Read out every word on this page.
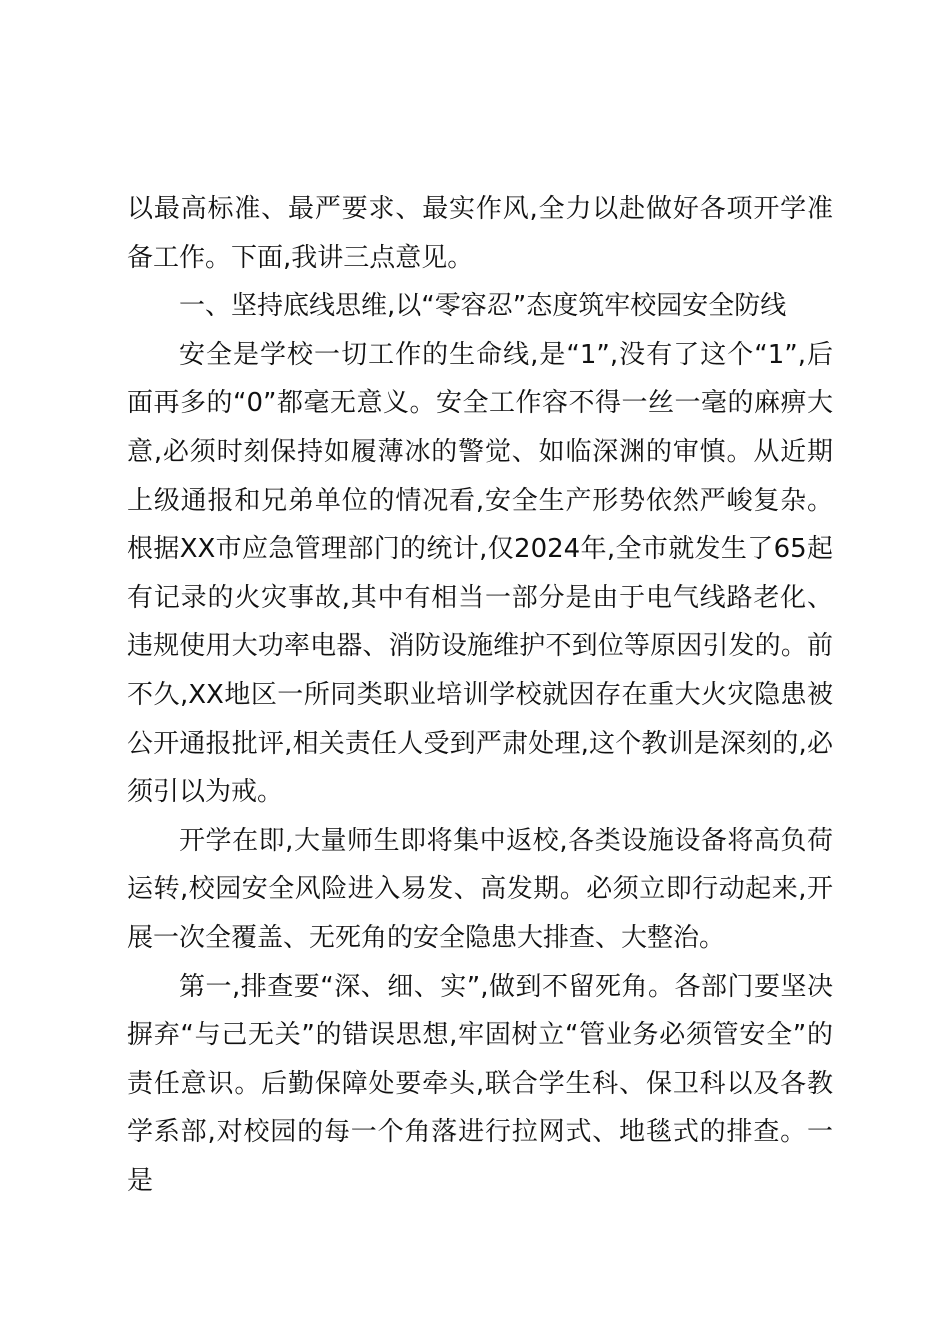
以最高标准、最严要求、最实作风,全力以赴做好各项开学准备工作。下面,我讲三点意见。

一、坚持底线思维,以“零容忍”态度筑牢校园安全防线

安全是学校一切工作的生命线,是“1”,没有了这个“1”,后面再多的“0”都毫无意义。安全工作容不得一丝一毫的麻痹大意,必须时刻保持如履薄冰的警觉、如临深渊的审慎。从近期上级通报和兄弟单位的情况看,安全生产形势依然严峻复杂。根据XX市应急管理部门的统计,仅2024年,全市就发生了65起有记录的火灾事故,其中有相当一部分是由于电气线路老化、违规使用大功率电器、消防设施维护不到位等原因引发的。前不久,XX地区一所同类职业培训学校就因存在重大火灾隐患被公开通报批评,相关责任人受到严肃处理,这个教训是深刻的,必须引以为戒。

开学在即,大量师生即将集中返校,各类设施设备将高负荷运转,校园安全风险进入易发、高发期。必须立即行动起来,开展一次全覆盖、无死角的安全隐患大排查、大整治。

第一,排查要“深、细、实”,做到不留死角。各部门要坚决摒弃“与己无关”的错误思想,牢固树立“管业务必须管安全”的责任意识。后勤保障处要牵头,联合学生科、保卫科以及各教学系部,对校园的每一个角落进行拉网式、地毯式的排查。一是
